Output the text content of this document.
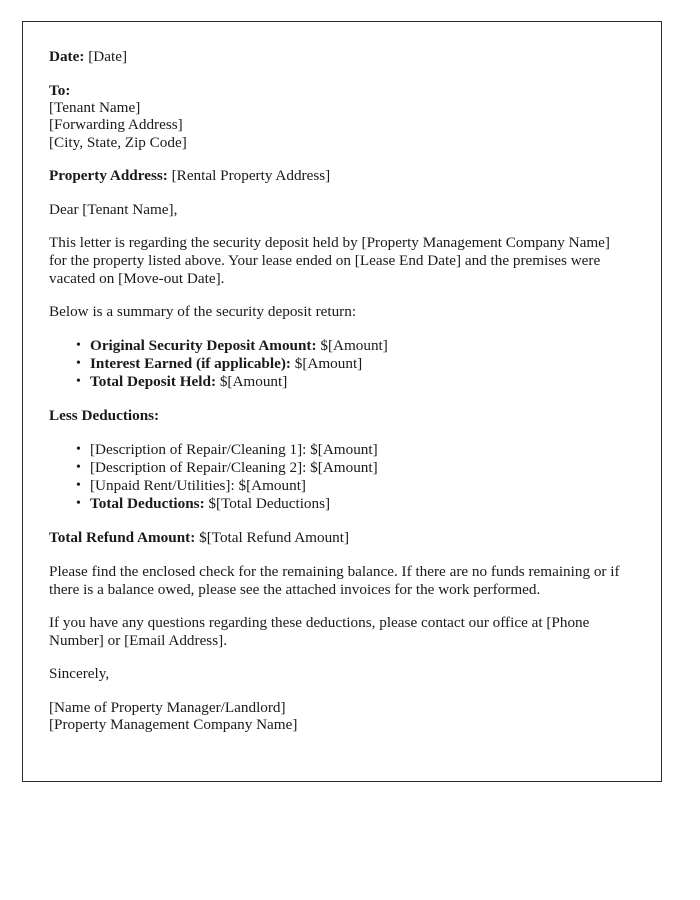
Date: [Date]

To:

[Tenant Name]

[Forwarding Address]

[City, State, Zip Code]

Property Address: [Rental Property Address]

Dear [Tenant Name],

This letter is regarding the security deposit held by [Property Management Company Name] for the property listed above. Your lease ended on [Lease End Date] and the premises were vacated on [Move-out Date].

Below is a summary of the security deposit return:

• Original Security Deposit Amount: $[Amount]
• Interest Earned (if applicable): $[Amount]
• Total Deposit Held: $[Amount]

Less Deductions:

• [Description of Repair/Cleaning 1]: $[Amount]
• [Description of Repair/Cleaning 2]: $[Amount]
• [Unpaid Rent/Utilities]: $[Amount]
• Total Deductions: $[Total Deductions]

Total Refund Amount: $[Total Refund Amount]

Please find the enclosed check for the remaining balance. If there are no funds remaining or if there is a balance owed, please see the attached invoices for the work performed.

If you have any questions regarding these deductions, please contact our office at [Phone Number] or [Email Address].

Sincerely,

[Name of Property Manager/Landlord]

[Property Management Company Name]
